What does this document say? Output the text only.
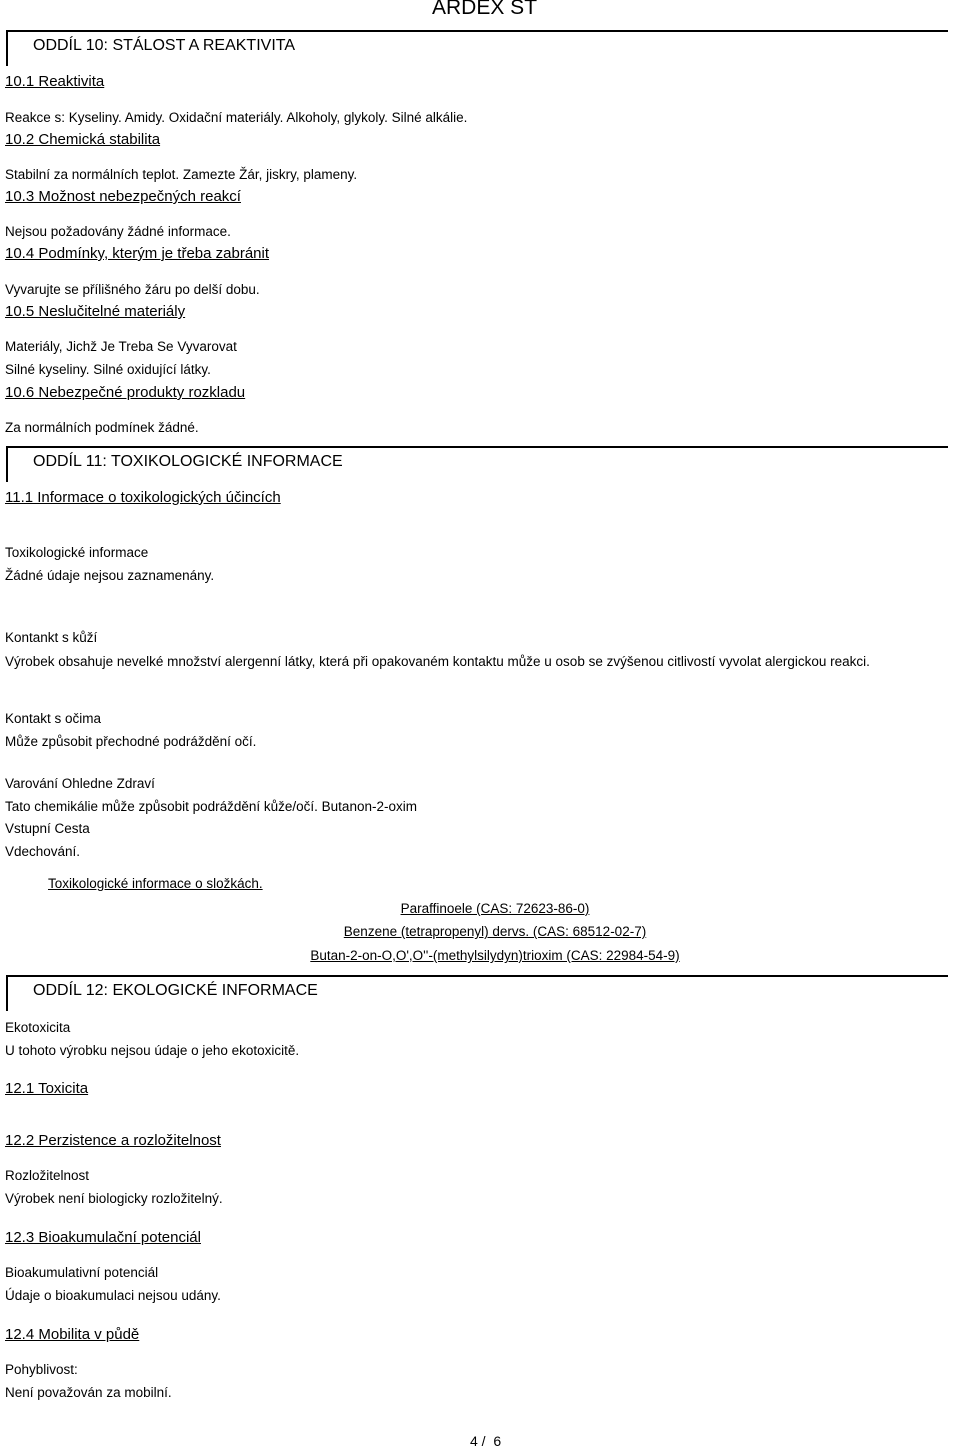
ARDEX ST
ODDÍL 10: STÁLOST A REAKTIVITA
10.1 Reaktivita
Reakce s: Kyseliny. Amidy. Oxidační materiály. Alkoholy, glykoly. Silné alkálie.
10.2 Chemická stabilita
Stabilní za normálních teplot. Zamezte Žár, jiskry, plameny.
10.3 Možnost nebezpečných reakcí
Nejsou požadovány žádné informace.
10.4 Podmínky, kterým je třeba zabránit
Vyvarujte se přílišného žáru po delší dobu.
10.5 Neslučitelné materiály
Materiály, Jichž Je Treba Se Vyvarovat
Silné kyseliny. Silné oxidující látky.
10.6 Nebezpečné produkty rozkladu
Za normálních podmínek žádné.
ODDÍL 11: TOXIKOLOGICKÉ INFORMACE
11.1 Informace o toxikologických účincích
Toxikologické informace
Žádné údaje nejsou zaznamenány.
Kontankt s kůží
Výrobek obsahuje nevelké množství alergenní látky, která při opakovaném kontaktu může u osob se zvýšenou citlivostí vyvolat alergickou reakci.
Kontakt s očima
Může způsobit přechodné podráždění očí.
Varování Ohledne Zdraví
Tato chemikálie může způsobit podráždění kůže/očí. Butanon-2-oxim
Vstupní Cesta
Vdechování.
Toxikologické informace o složkách.
Paraffinoele (CAS: 72623-86-0)
Benzene (tetrapropenyl) dervs. (CAS: 68512-02-7)
Butan-2-on-O,O',O''-(methylsilydyn)trioxim (CAS: 22984-54-9)
ODDÍL 12: EKOLOGICKÉ INFORMACE
Ekotoxicita
U tohoto výrobku nejsou údaje o jeho ekotoxicitě.
12.1 Toxicita
12.2 Perzistence a rozložitelnost
Rozložitelnost
Výrobek není biologicky rozložitelný.
12.3 Bioakumulační potenciál
Bioakumulativní potenciál
Údaje o bioakumulaci nejsou udány.
12.4 Mobilita v půdě
Pohyblivost:
Není považován za mobilní.
4 /  6
